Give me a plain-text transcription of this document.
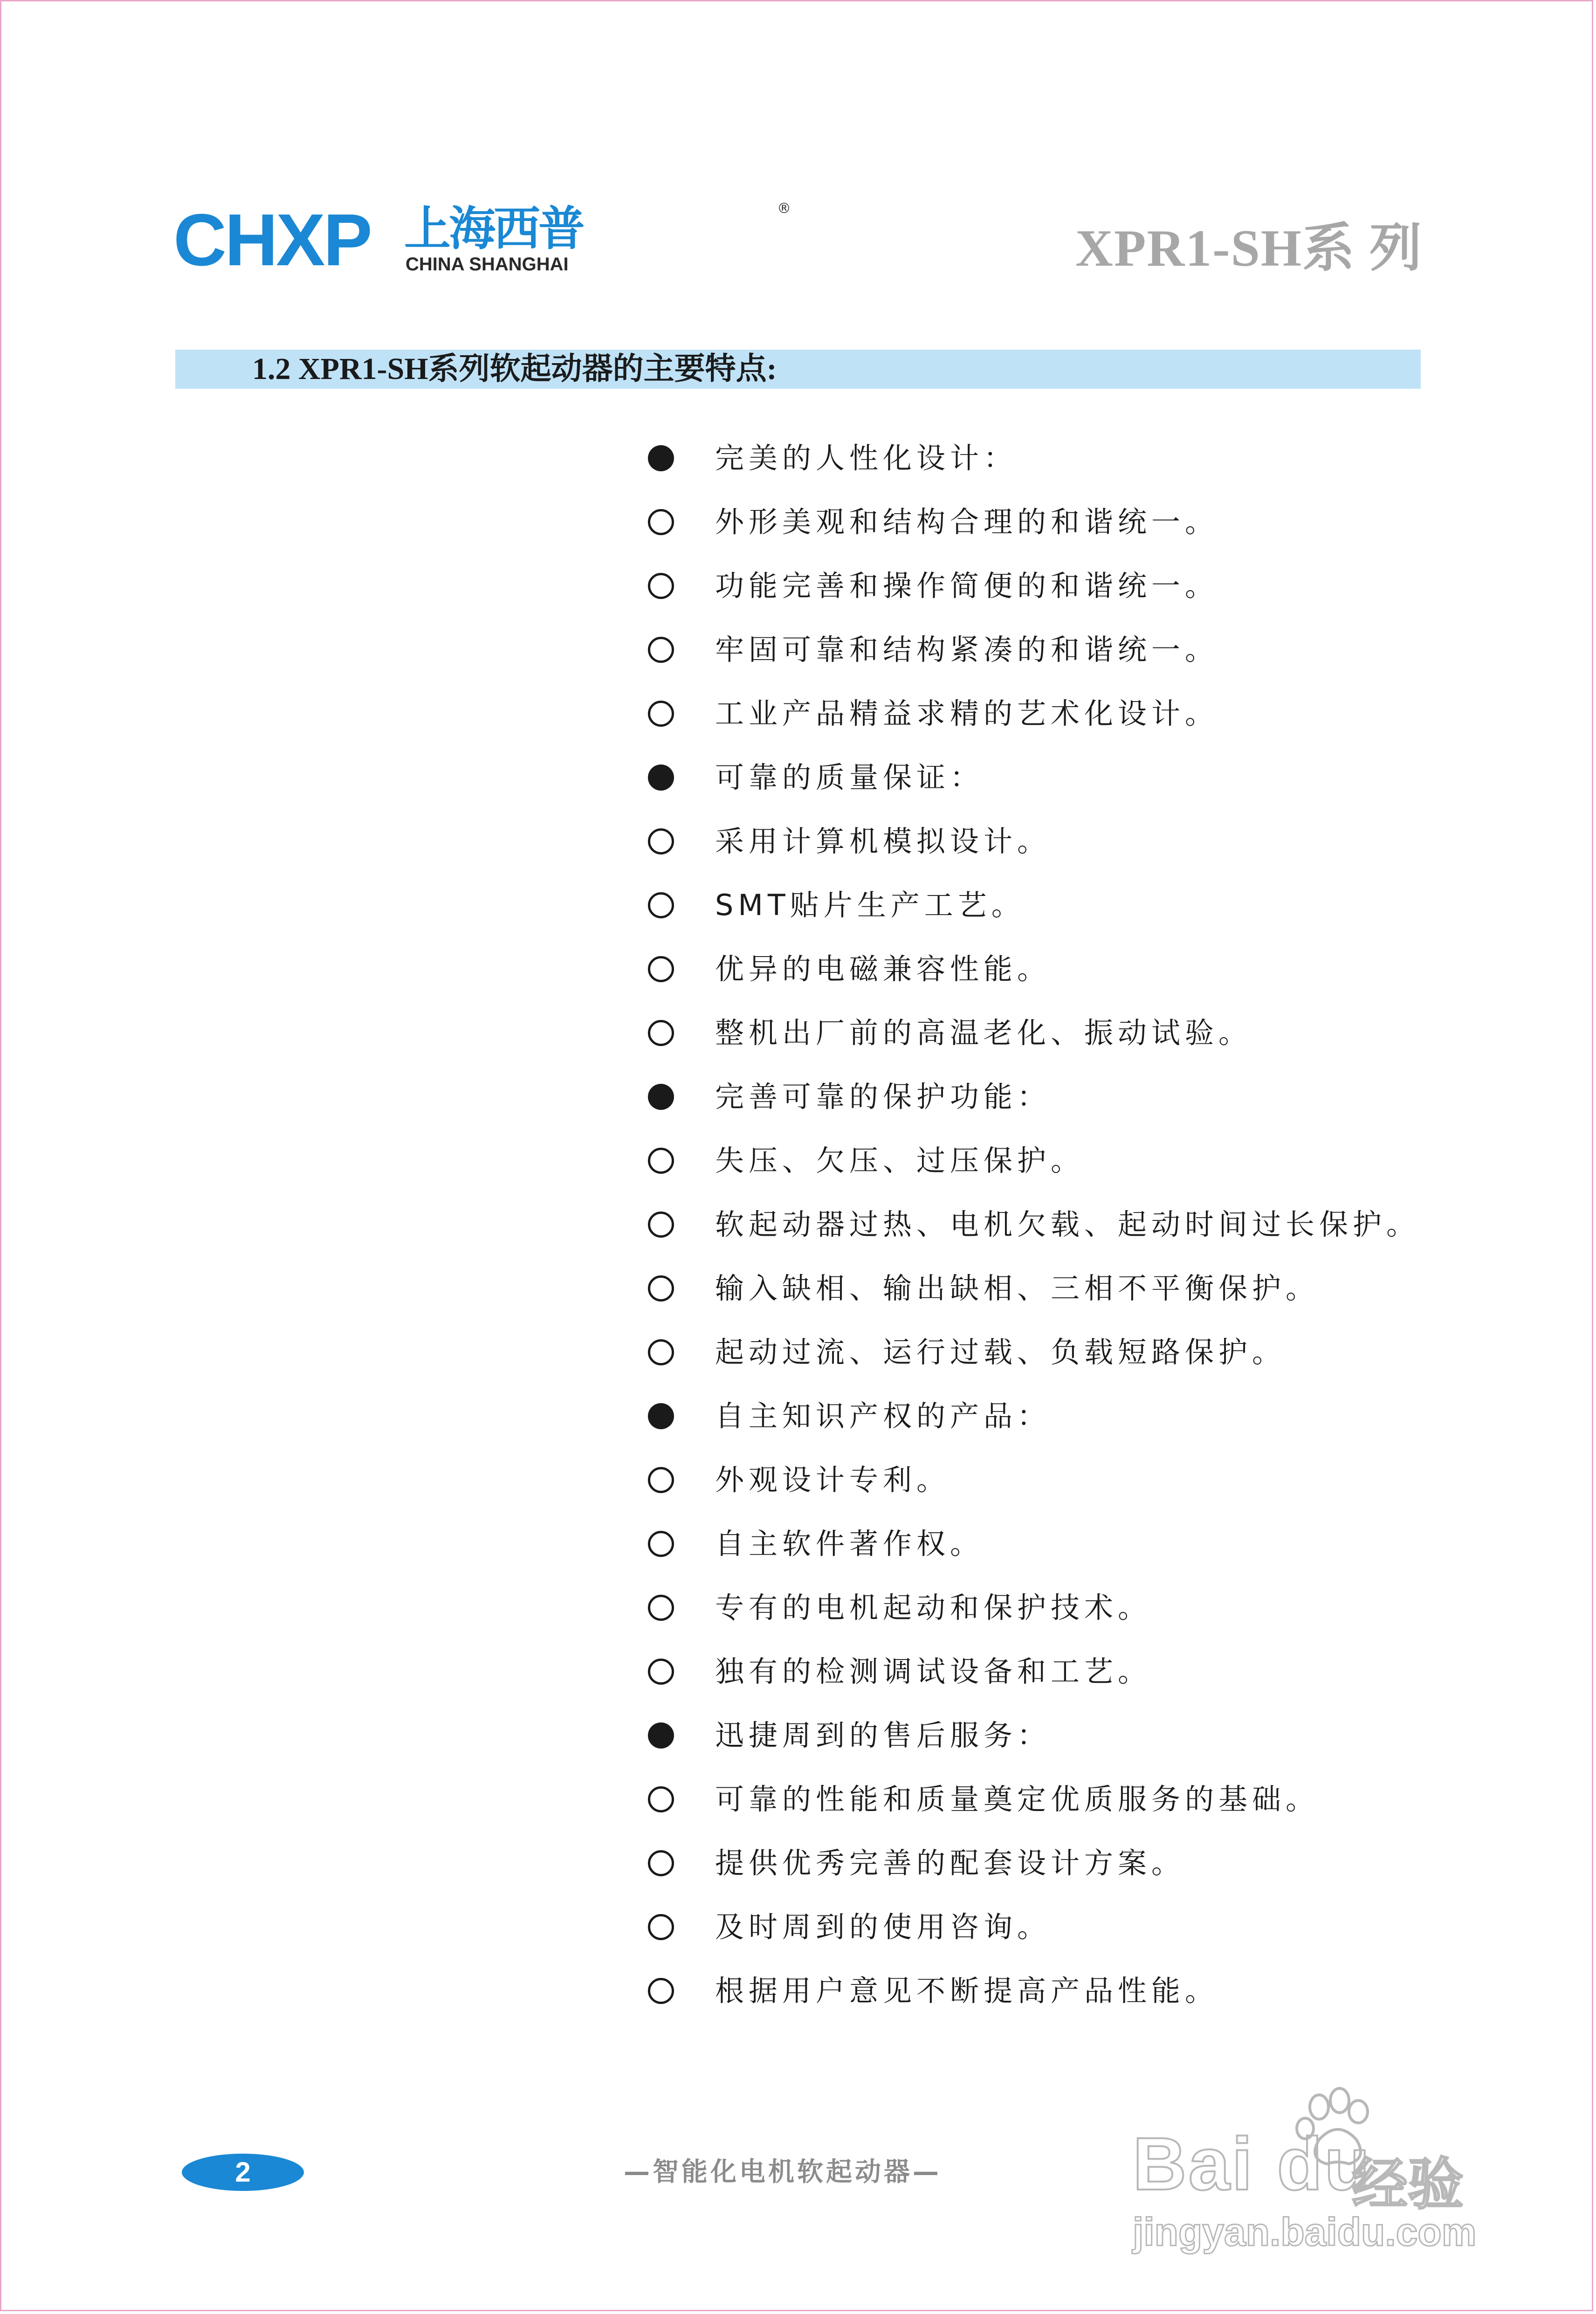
CHXP 上海西普
CHINA SHANGHAI
®
XPR1-SH系 列
1.2 XPR1-SH系列软起动器的主要特点:
完美的人性化设计：
外形美观和结构合理的和谐统一。
功能完善和操作简便的和谐统一。
牢固可靠和结构紧凑的和谐统一。
工业产品精益求精的艺术化设计。
可靠的质量保证：
采用计算机模拟设计。
SMT贴片生产工艺。
优异的电磁兼容性能。
整机出厂前的高温老化、振动试验。
完善可靠的保护功能：
失压、欠压、过压保护。
软起动器过热、电机欠载、起动时间过长保护。
输入缺相、输出缺相、三相不平衡保护。
起动过流、运行过载、负载短路保护。
自主知识产权的产品：
外观设计专利。
自主软件著作权。
专有的电机起动和保护技术。
独有的检测调试设备和工艺。
迅捷周到的售后服务：
可靠的性能和质量奠定优质服务的基础。
提供优秀完善的配套设计方案。
及时周到的使用咨询。
根据用户意见不断提高产品性能。
2	—智能化电机软起动器—	Bai du
经验
jingyan.baidu.com
